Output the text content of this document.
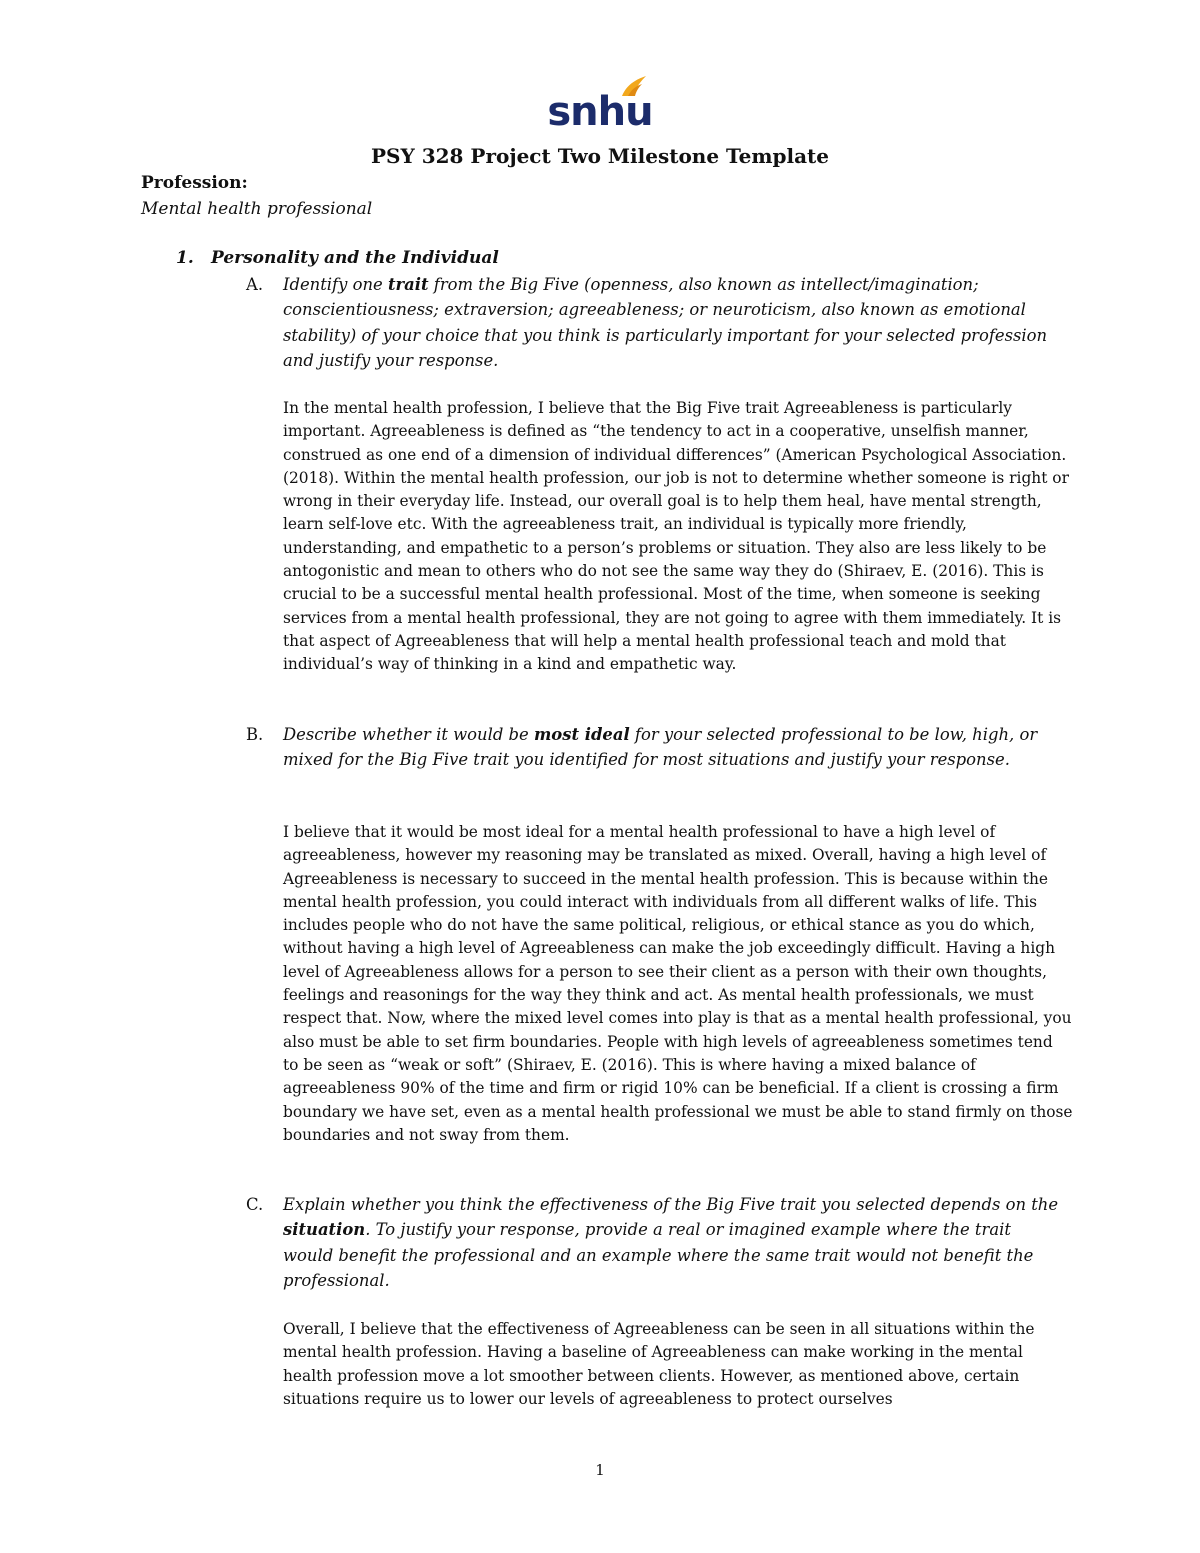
snhu
PSY 328 Project Two Milestone Template
Profession:
Mental health professional
1. Personality and the Individual
A. Identify one trait from the Big Five (openness, also known as intellect/imagination; conscientiousness; extraversion; agreeableness; or neuroticism, also known as emotional stability) of your choice that you think is particularly important for your selected profession and justify your response.
In the mental health profession, I believe that the Big Five trait Agreeableness is particularly important. Agreeableness is defined as “the tendency to act in a cooperative, unselfish manner, construed as one end of a dimension of individual differences” (American Psychological Association. (2018). Within the mental health profession, our job is not to determine whether someone is right or wrong in their everyday life. Instead, our overall goal is to help them heal, have mental strength, learn self-love etc. With the agreeableness trait, an individual is typically more friendly, understanding, and empathetic to a person’s problems or situation. They also are less likely to be antogonistic and mean to others who do not see the same way they do (Shiraev, E. (2016). This is crucial to be a successful mental health professional. Most of the time, when someone is seeking services from a mental health professional, they are not going to agree with them immediately. It is that aspect of Agreeableness that will help a mental health professional teach and mold that individual’s way of thinking in a kind and empathetic way.
B. Describe whether it would be most ideal for your selected professional to be low, high, or mixed for the Big Five trait you identified for most situations and justify your response.
I believe that it would be most ideal for a mental health professional to have a high level of agreeableness, however my reasoning may be translated as mixed. Overall, having a high level of Agreeableness is necessary to succeed in the mental health profession. This is because within the mental health profession, you could interact with individuals from all different walks of life. This includes people who do not have the same political, religious, or ethical stance as you do which, without having a high level of Agreeableness can make the job exceedingly difficult. Having a high level of Agreeableness allows for a person to see their client as a person with their own thoughts, feelings and reasonings for the way they think and act. As mental health professionals, we must respect that. Now, where the mixed level comes into play is that as a mental health professional, you also must be able to set firm boundaries. People with high levels of agreeableness sometimes tend to be seen as “weak or soft” (Shiraev, E. (2016). This is where having a mixed balance of agreeableness 90% of the time and firm or rigid 10% can be beneficial. If a client is crossing a firm boundary we have set, even as a mental health professional we must be able to stand firmly on those boundaries and not sway from them.
C. Explain whether you think the effectiveness of the Big Five trait you selected depends on the situation. To justify your response, provide a real or imagined example where the trait would benefit the professional and an example where the same trait would not benefit the professional.
Overall, I believe that the effectiveness of Agreeableness can be seen in all situations within the mental health profession. Having a baseline of Agreeableness can make working in the mental health profession move a lot smoother between clients. However, as mentioned above, certain situations require us to lower our levels of agreeableness to protect ourselves
1
